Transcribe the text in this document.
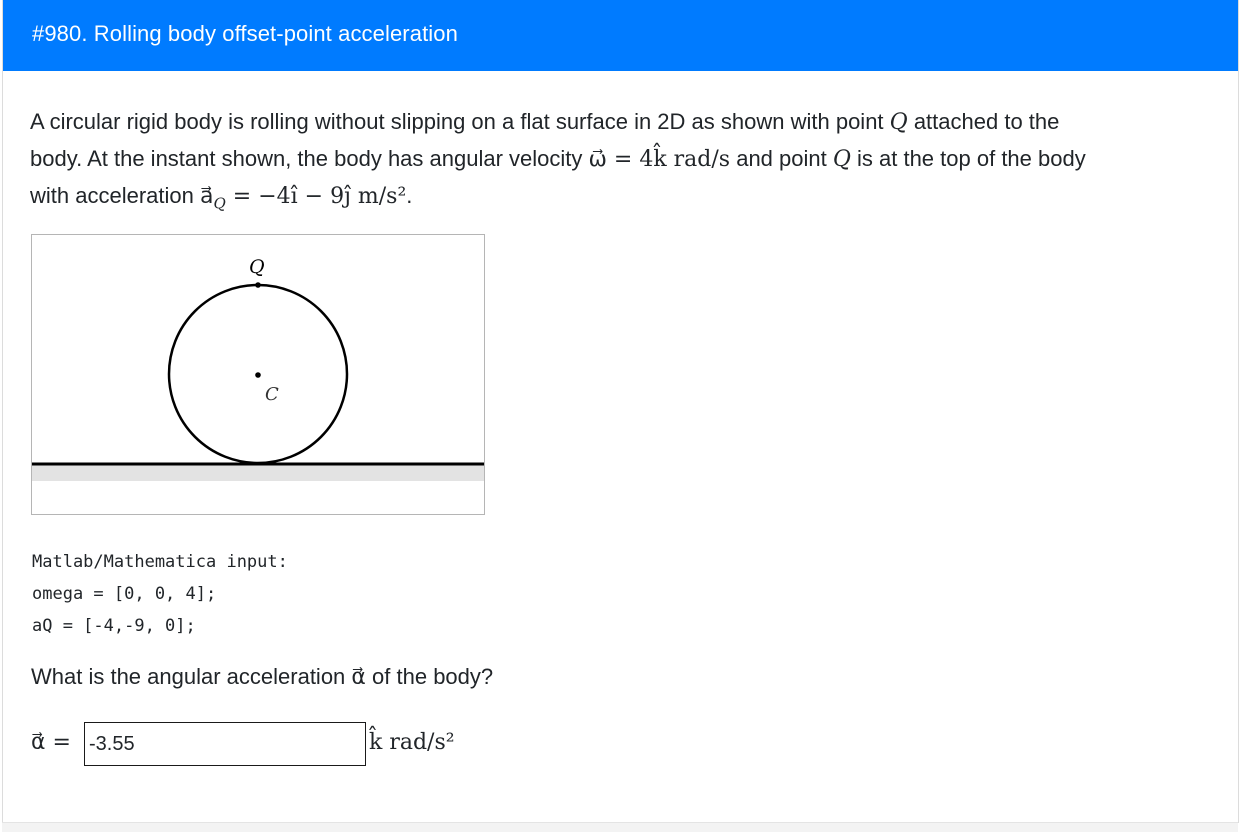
#980. Rolling body offset-point acceleration
A circular rigid body is rolling without slipping on a flat surface in 2D as shown with point Q attached to the
body. At the instant shown, the body has angular velocity ω⃗ = 4k̂ rad/s and point Q is at the top of the body
with acceleration $a⃗_Q$ = −4ı̂ − 9ȷ̂ m/s².
Q
C
Matlab/Mathematica input:
omega = [0, 0, 4];
aQ = [-4,-9, 0];
What is the angular acceleration α⃗ of the body?
α⃗ =
-3.55	k̂ rad/s²
